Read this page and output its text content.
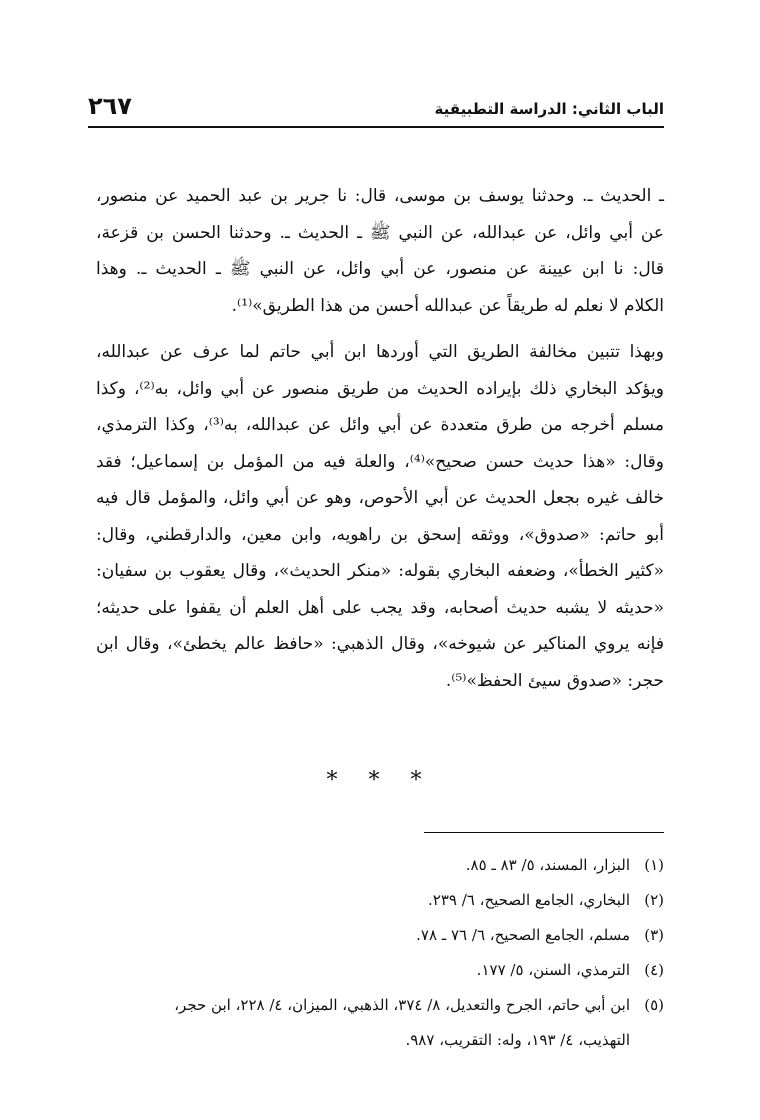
الباب الثاني: الدراسة التطبيقية
٢٦٧
ـ الحديث ـ. وحدثنا يوسف بن موسى، قال: نا جرير بن عبد الحميد عن منصور،
عن أبي وائل، عن عبدالله، عن النبي ﷺ ـ الحديث ـ. وحدثنا الحسن بن قزعة،
قال: نا ابن عيينة عن منصور، عن أبي وائل، عن النبي ﷺ ـ الحديث ـ. وهذا
الكلام لا نعلم له طريقاً عن عبدالله أحسن من هذا الطريق»⁽¹⁾.
وبهذا تتبين مخالفة الطريق التي أوردها ابن أبي حاتم لما عرف عن عبدالله،
ويؤكد البخاري ذلك بإيراده الحديث من طريق منصور عن أبي وائل، به⁽²⁾، وكذا
مسلم أخرجه من طرق متعددة عن أبي وائل عن عبدالله، به⁽³⁾، وكذا الترمذي،
وقال: «هذا حديث حسن صحيح»⁽⁴⁾، والعلة فيه من المؤمل بن إسماعيل؛ فقد
خالف غيره بجعل الحديث عن أبي الأحوص، وهو عن أبي وائل، والمؤمل قال فيه
أبو حاتم: «صدوق»، ووثقه إسحق بن راهويه، وابن معين، والدارقطني، وقال:
«كثير الخطأ»، وضعفه البخاري بقوله: «منكر الحديث»، وقال يعقوب بن سفيان:
«حديثه لا يشبه حديث أصحابه، وقد يجب على أهل العلم أن يقفوا على حديثه؛
فإنه يروي المناكير عن شيوخه»، وقال الذهبي: «حافظ عالم يخطئ»، وقال ابن
حجر: «صدوق سيئ الحفظ»⁽⁵⁾.
* * *
(١)البزار، المسند، ٥/ ٨٣ ـ ٨٥.
(٢)البخاري، الجامع الصحيح، ٦/ ٢٣٩.
(٣)مسلم، الجامع الصحيح، ٦/ ٧٦ ـ ٧٨.
(٤)الترمذي، السنن، ٥/ ١٧٧.
(٥)ابن أبي حاتم، الجرح والتعديل، ٨/ ٣٧٤، الذهبي، الميزان، ٤/ ٢٢٨، ابن حجر،
التهذيب، ٤/ ١٩٣، وله: التقريب، ٩٨٧.
